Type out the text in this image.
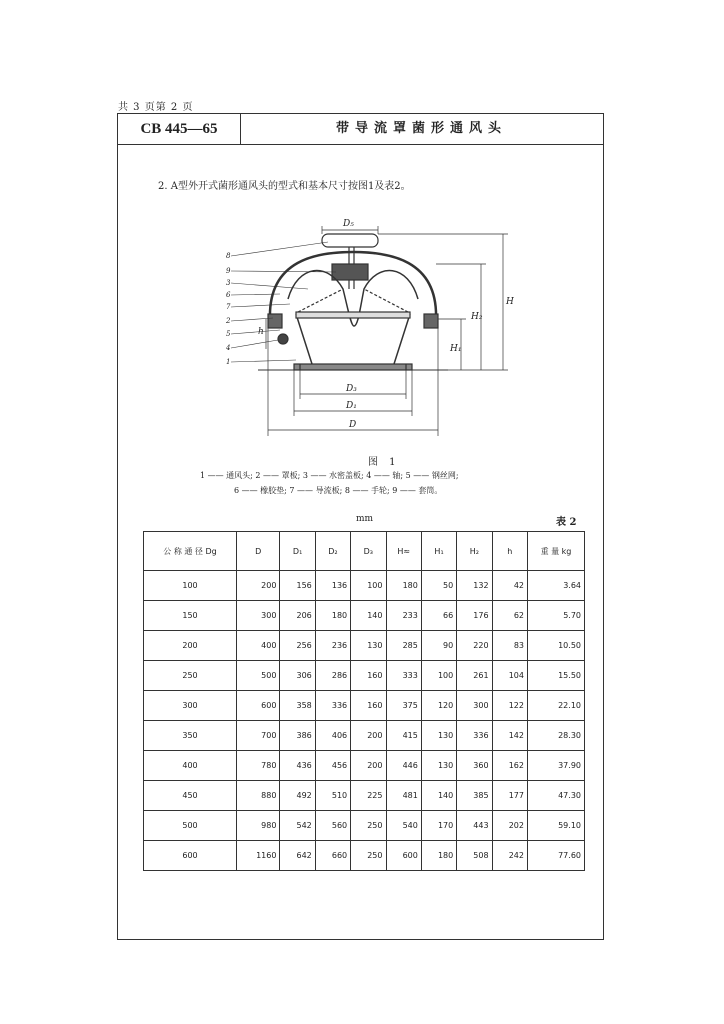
共 3 页第 2 页
CB 445—65	带导流罩菌形通风头
2. A型外开式菌形通风头的型式和基本尺寸按图1及表2。
8
9
3
6
7
2
5
4
1
D₅
D₃
D₁
D
H
H₂
H₁
h
图 1
1 —— 通风头; 2 —— 罩板; 3 —— 水密盖板; 4 —— 轴; 5 —— 钢丝网;
6 —— 橡胶垫; 7 —— 导流板; 8 —— 手轮; 9 —— 套筒。
mm	表 2
公 称 通 径 Dg	D	D₁	D₂	D₃	H≈	H₁	H₂	h	重 量 kg
100	200	156	136	100	180	50	132	42	3.64
150	300	206	180	140	233	66	176	62	5.70
200	400	256	236	130	285	90	220	83	10.50
250	500	306	286	160	333	100	261	104	15.50
300	600	358	336	160	375	120	300	122	22.10
350	700	386	406	200	415	130	336	142	28.30
400	780	436	456	200	446	130	360	162	37.90
450	880	492	510	225	481	140	385	177	47.30
500	980	542	560	250	540	170	443	202	59.10
600	1160	642	660	250	600	180	508	242	77.60
